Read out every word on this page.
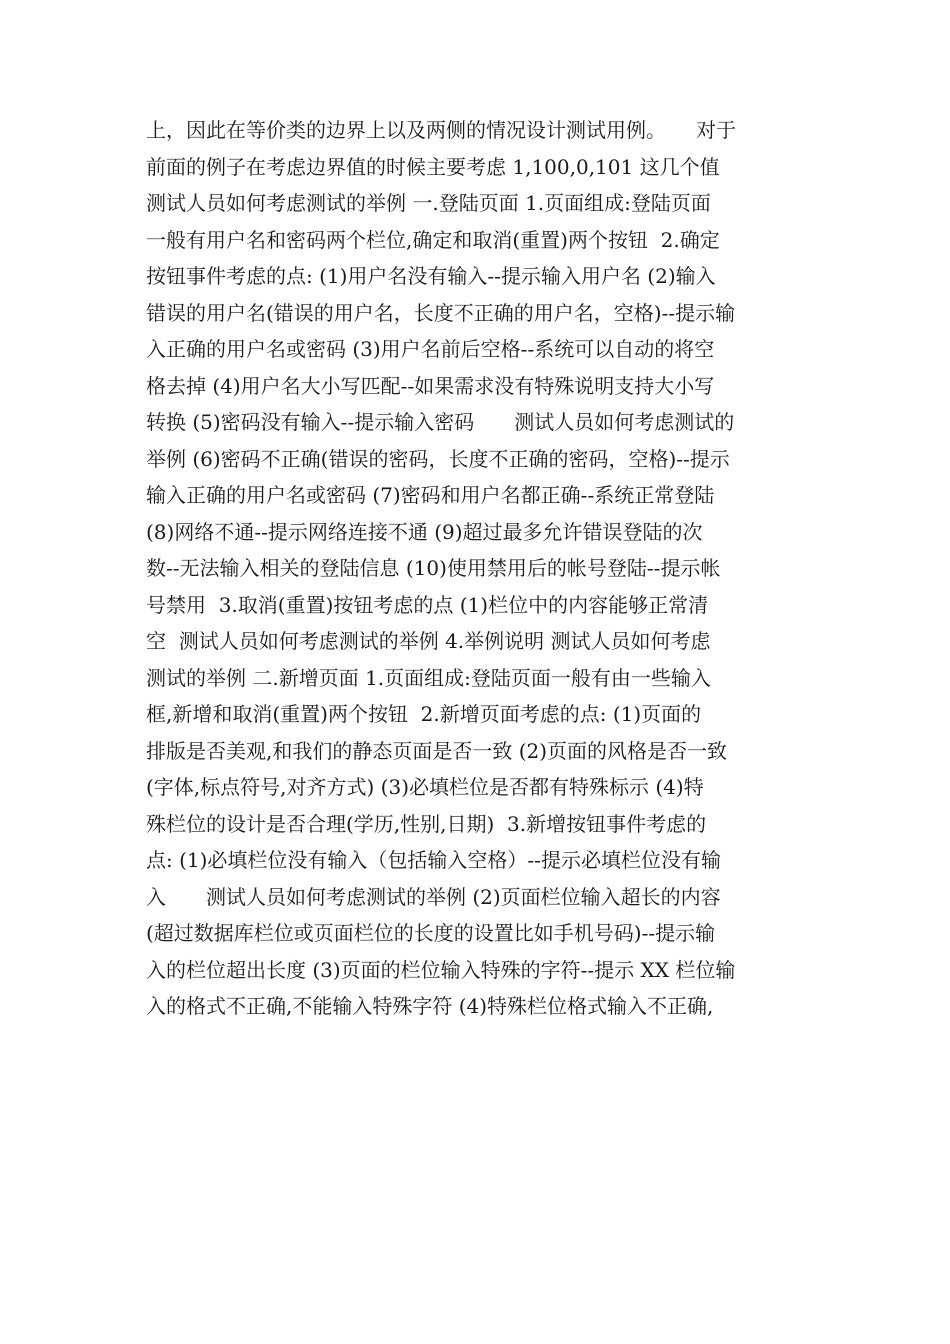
上，因此在等价类的边界上以及两侧的情况设计测试用例。　　对于
前面的例子在考虑边界值的时候主要考虑 1,100,0,101 这几个值
测试人员如何考虑测试的举例 一.登陆页面 1.页面组成:登陆页面
一般有用户名和密码两个栏位,确定和取消(重置)两个按钮  2.确定
按钮事件考虑的点: (1)用户名没有输入--提示输入用户名 (2)输入
错误的用户名(错误的用户名，长度不正确的用户名，空格)--提示输
入正确的用户名或密码 (3)用户名前后空格--系统可以自动的将空
格去掉 (4)用户名大小写匹配--如果需求没有特殊说明支持大小写
转换 (5)密码没有输入--提示输入密码　　测试人员如何考虑测试的
举例 (6)密码不正确(错误的密码，长度不正确的密码，空格)--提示
输入正确的用户名或密码 (7)密码和用户名都正确--系统正常登陆
(8)网络不通--提示网络连接不通 (9)超过最多允许错误登陆的次
数--无法输入相关的登陆信息 (10)使用禁用后的帐号登陆--提示帐
号禁用  3.取消(重置)按钮考虑的点 (1)栏位中的内容能够正常清
空  测试人员如何考虑测试的举例 4.举例说明 测试人员如何考虑
测试的举例 二.新增页面 1.页面组成:登陆页面一般有由一些输入
框,新增和取消(重置)两个按钮  2.新增页面考虑的点: (1)页面的
排版是否美观,和我们的静态页面是否一致 (2)页面的风格是否一致
(字体,标点符号,对齐方式) (3)必填栏位是否都有特殊标示 (4)特
殊栏位的设计是否合理(学历,性别,日期)  3.新增按钮事件考虑的
点: (1)必填栏位没有输入（包括输入空格）--提示必填栏位没有输
入　　测试人员如何考虑测试的举例 (2)页面栏位输入超长的内容
(超过数据库栏位或页面栏位的长度的设置比如手机号码)--提示输
入的栏位超出长度 (3)页面的栏位输入特殊的字符--提示 XX 栏位输
入的格式不正确,不能输入特殊字符 (4)特殊栏位格式输入不正确,
